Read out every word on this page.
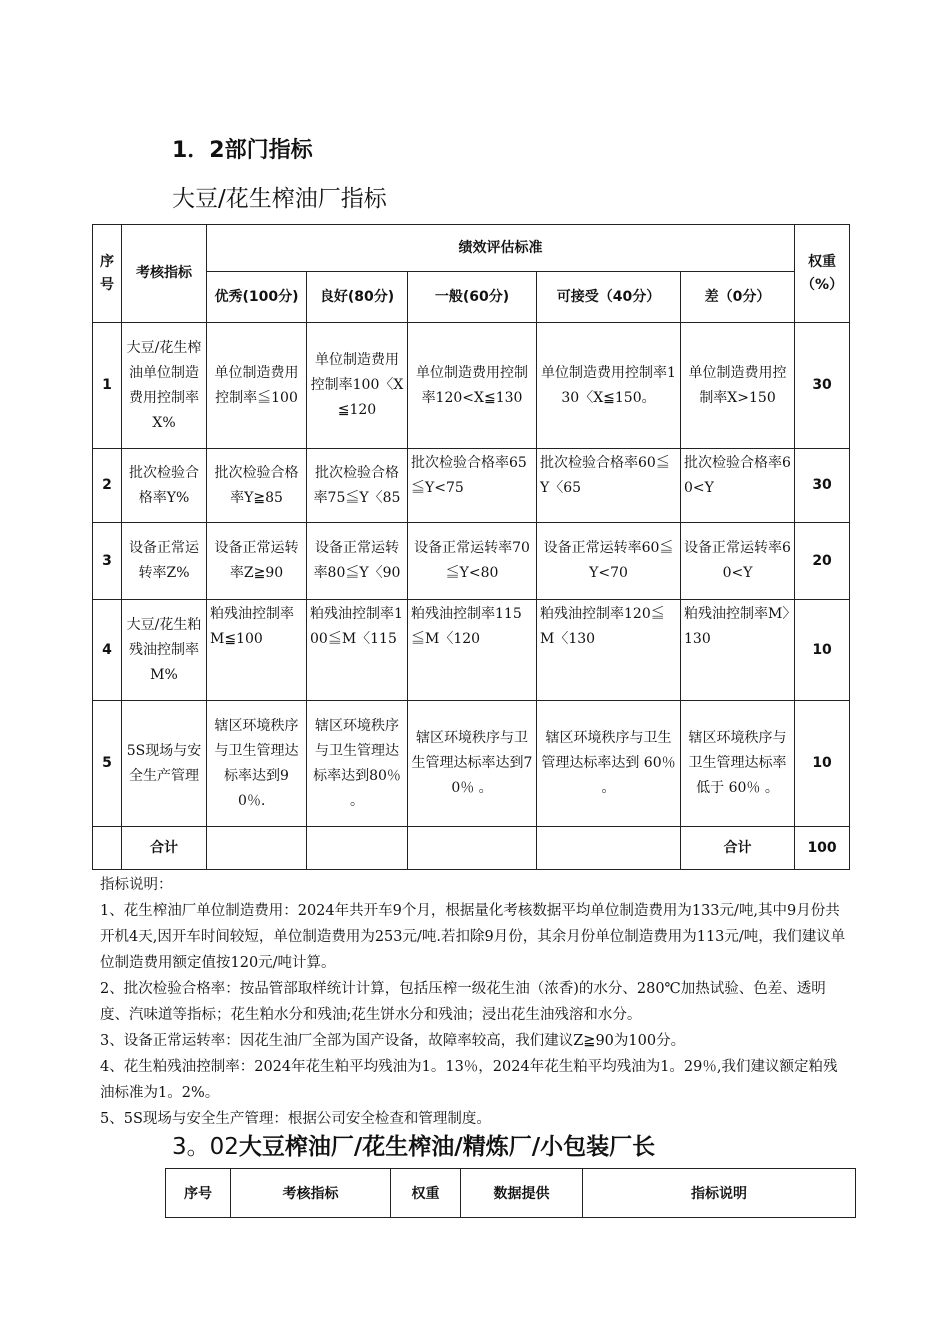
1．2部门指标
大豆/花生榨油厂指标
序号	考核指标	绩效评估标准					权重（%）
		优秀(100分)	良好(80分)	一般(60分)	可接受（40分）	差（0分）	
1	大豆/花生榨油单位制造费用控制率X%	单位制造费用控制率≦100	单位制造费用控制率100〈X≦120	单位制造费用控制率120<X≦130	单位制造费用控制率130〈X≦150。	单位制造费用控制率X>150	30
2	批次检验合格率Y%	批次检验合格率Y≧85	批次检验合格率75≦Y〈85	批次检验合格率65≦Y<75	批次检验合格率60≦Y〈65	批次检验合格率60<Y	30
3	设备正常运转率Z%	设备正常运转率Z≧90	设备正常运转率80≦Y〈90	设备正常运转率70≦Y<80	设备正常运转率60≦Y<70	设备正常运转率60<Y	20
4	大豆/花生粕残油控制率M%	粕残油控制率M≦100	粕残油控制率100≦M〈115	粕残油控制率115≦M〈120	粕残油控制率120≦M〈130	粕残油控制率M〉130	10
5	5S现场与安全生产管理	辖区环境秩序与卫生管理达标率达到90％．	辖区环境秩序与卫生管理达标率达到80％ 。	辖区环境秩序与卫生管理达标率达到70％ 。	辖区环境秩序与卫生管理达标率达到 60％ 。	辖区环境秩序与卫生管理达标率低于 60％ 。	10
	合计					合计	100

指标说明：

1、花生榨油厂单位制造费用：2024年共开车9个月，根据量化考核数据平均单位制造费用为133元/吨,其中9月份共开机4天,因开车时间较短，单位制造费用为253元/吨.若扣除9月份，其余月份单位制造费用为113元/吨，我们建议单位制造费用额定值按120元/吨计算。

2、批次检验合格率：按品管部取样统计计算，包括压榨一级花生油（浓香)的水分、280℃加热试验、色差、透明度、汽味道等指标；花生粕水分和残油;花生饼水分和残油；浸出花生油残溶和水分。

3、设备正常运转率：因花生油厂全部为国产设备，故障率较高，我们建议Z≧90为100分。

4、花生粕残油控制率：2024年花生粕平均残油为1。13％，2024年花生粕平均残油为1。29％,我们建议额定粕残油标准为1。2%。

5、5S现场与安全生产管理：根据公司安全检查和管理制度。

3。02大豆榨油厂/花生榨油/精炼厂/小包装厂长
序号	考核指标	权重	数据提供	指标说明
